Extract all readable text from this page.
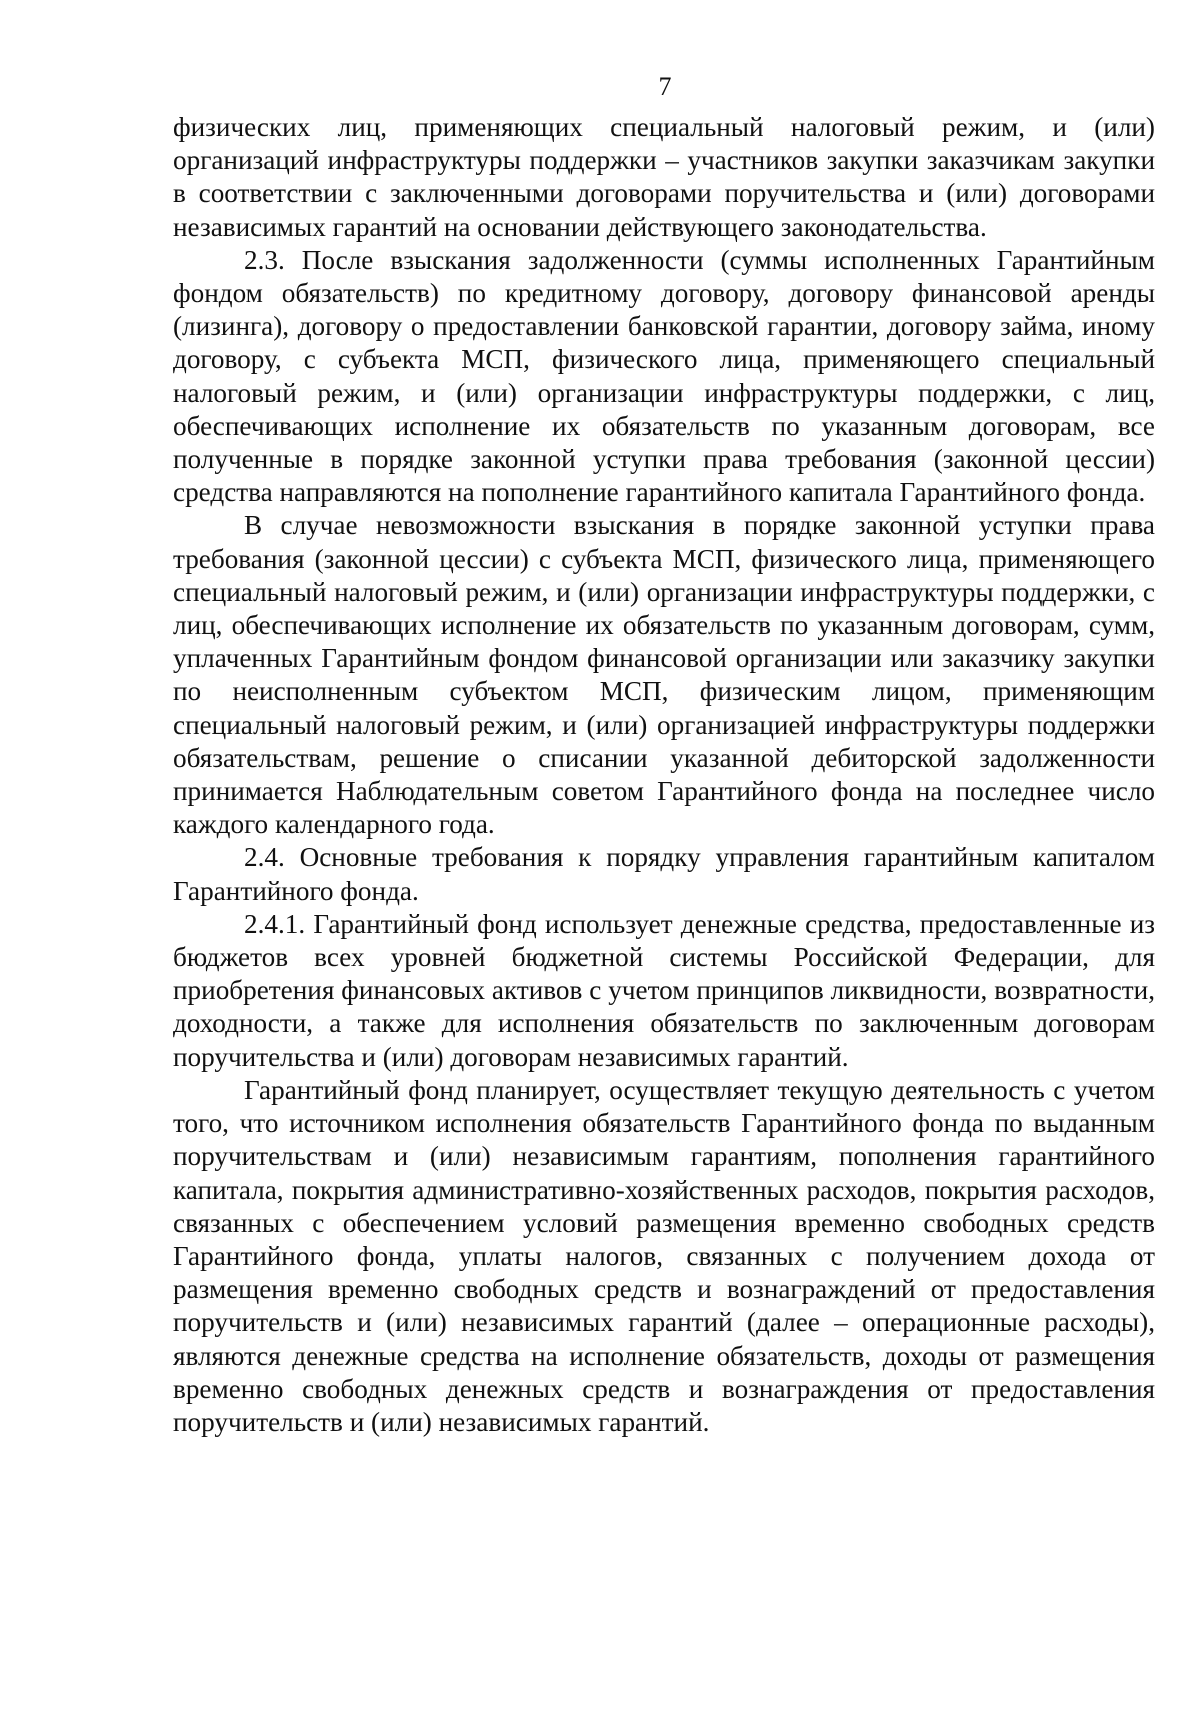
7

физических лиц, применяющих специальный налоговый режим, и (или) организаций инфраструктуры поддержки – участников закупки заказчикам закупки в соответствии с заключенными договорами поручительства и (или) договорами независимых гарантий на основании действующего законодательства.

2.3. После взыскания задолженности (суммы исполненных Гарантийным фондом обязательств) по кредитному договору, договору финансовой аренды (лизинга), договору о предоставлении банковской гарантии, договору займа, иному договору, с субъекта МСП, физического лица, применяющего специальный налоговый режим, и (или) организации инфраструктуры поддержки, с лиц, обеспечивающих исполнение их обязательств по указанным договорам, все полученные в порядке законной уступки права требования (законной цессии) средства направляются на пополнение гарантийного капитала Гарантийного фонда.

В случае невозможности взыскания в порядке законной уступки права требования (законной цессии) с субъекта МСП, физического лица, применяющего специальный налоговый режим, и (или) организации инфраструктуры поддержки, с лиц, обеспечивающих исполнение их обязательств по указанным договорам, сумм, уплаченных Гарантийным фондом финансовой организации или заказчику закупки по неисполненным субъектом МСП, физическим лицом, применяющим специальный налоговый режим, и (или) организацией инфраструктуры поддержки обязательствам, решение о списании указанной дебиторской задолженности принимается Наблюдательным советом Гарантийного фонда на последнее число каждого календарного года.

2.4. Основные требования к порядку управления гарантийным капиталом Гарантийного фонда.

2.4.1. Гарантийный фонд использует денежные средства, предоставленные из бюджетов всех уровней бюджетной системы Российской Федерации, для приобретения финансовых активов с учетом принципов ликвидности, возвратности, доходности, а также для исполнения обязательств по заключенным договорам поручительства и (или) договорам независимых гарантий.

Гарантийный фонд планирует, осуществляет текущую деятельность с учетом того, что источником исполнения обязательств Гарантийного фонда по выданным поручительствам и (или) независимым гарантиям, пополнения гарантийного капитала, покрытия административно-хозяйственных расходов, покрытия расходов, связанных с обеспечением условий размещения временно свободных средств Гарантийного фонда, уплаты налогов, связанных с получением дохода от размещения временно свободных средств и вознаграждений от предоставления поручительств и (или) независимых гарантий (далее – операционные расходы), являются денежные средства на исполнение обязательств, доходы от размещения временно свободных денежных средств и вознаграждения от предоставления поручительств и (или) независимых гарантий.
